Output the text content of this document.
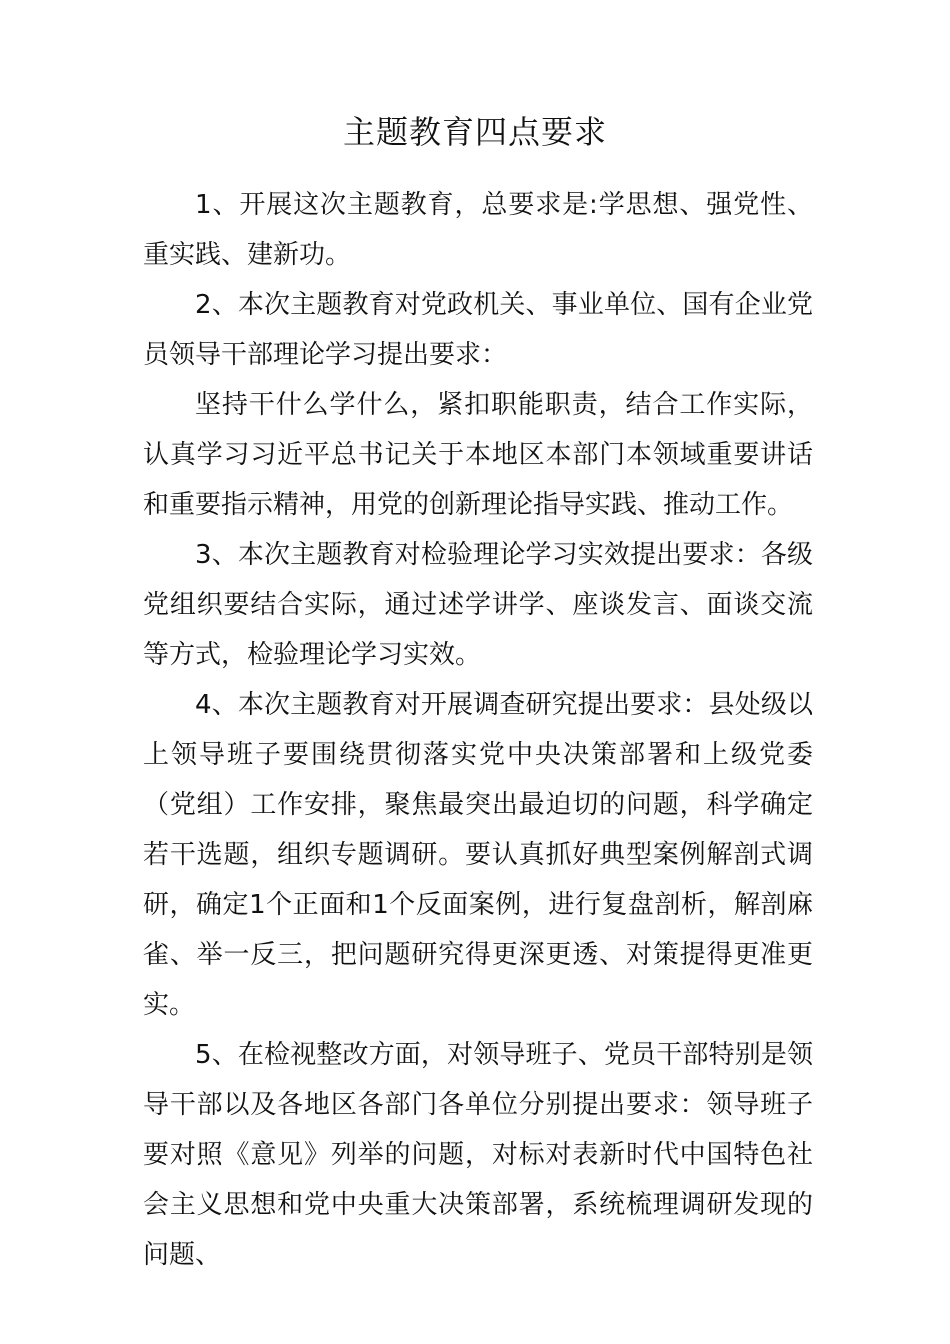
主题教育四点要求

1、开展这次主题教育，总要求是:学思想、强党性、重实践、建新功。

2、本次主题教育对党政机关、事业单位、国有企业党员领导干部理论学习提出要求：

坚持干什么学什么，紧扣职能职责，结合工作实际，认真学习习近平总书记关于本地区本部门本领域重要讲话和重要指示精神，用党的创新理论指导实践、推动工作。

3、本次主题教育对检验理论学习实效提出要求：各级党组织要结合实际，通过述学讲学、座谈发言、面谈交流等方式，检验理论学习实效。

4、本次主题教育对开展调查研究提出要求：县处级以上领导班子要围绕贯彻落实党中央决策部署和上级党委（党组）工作安排，聚焦最突出最迫切的问题，科学确定若干选题，组织专题调研。要认真抓好典型案例解剖式调研，确定1个正面和1个反面案例，进行复盘剖析，解剖麻雀、举一反三，把问题研究得更深更透、对策提得更准更实。

5、在检视整改方面，对领导班子、党员干部特别是领导干部以及各地区各部门各单位分别提出要求：领导班子要对照《意见》列举的问题，对标对表新时代中国特色社会主义思想和党中央重大决策部署，系统梳理调研发现的问题、
